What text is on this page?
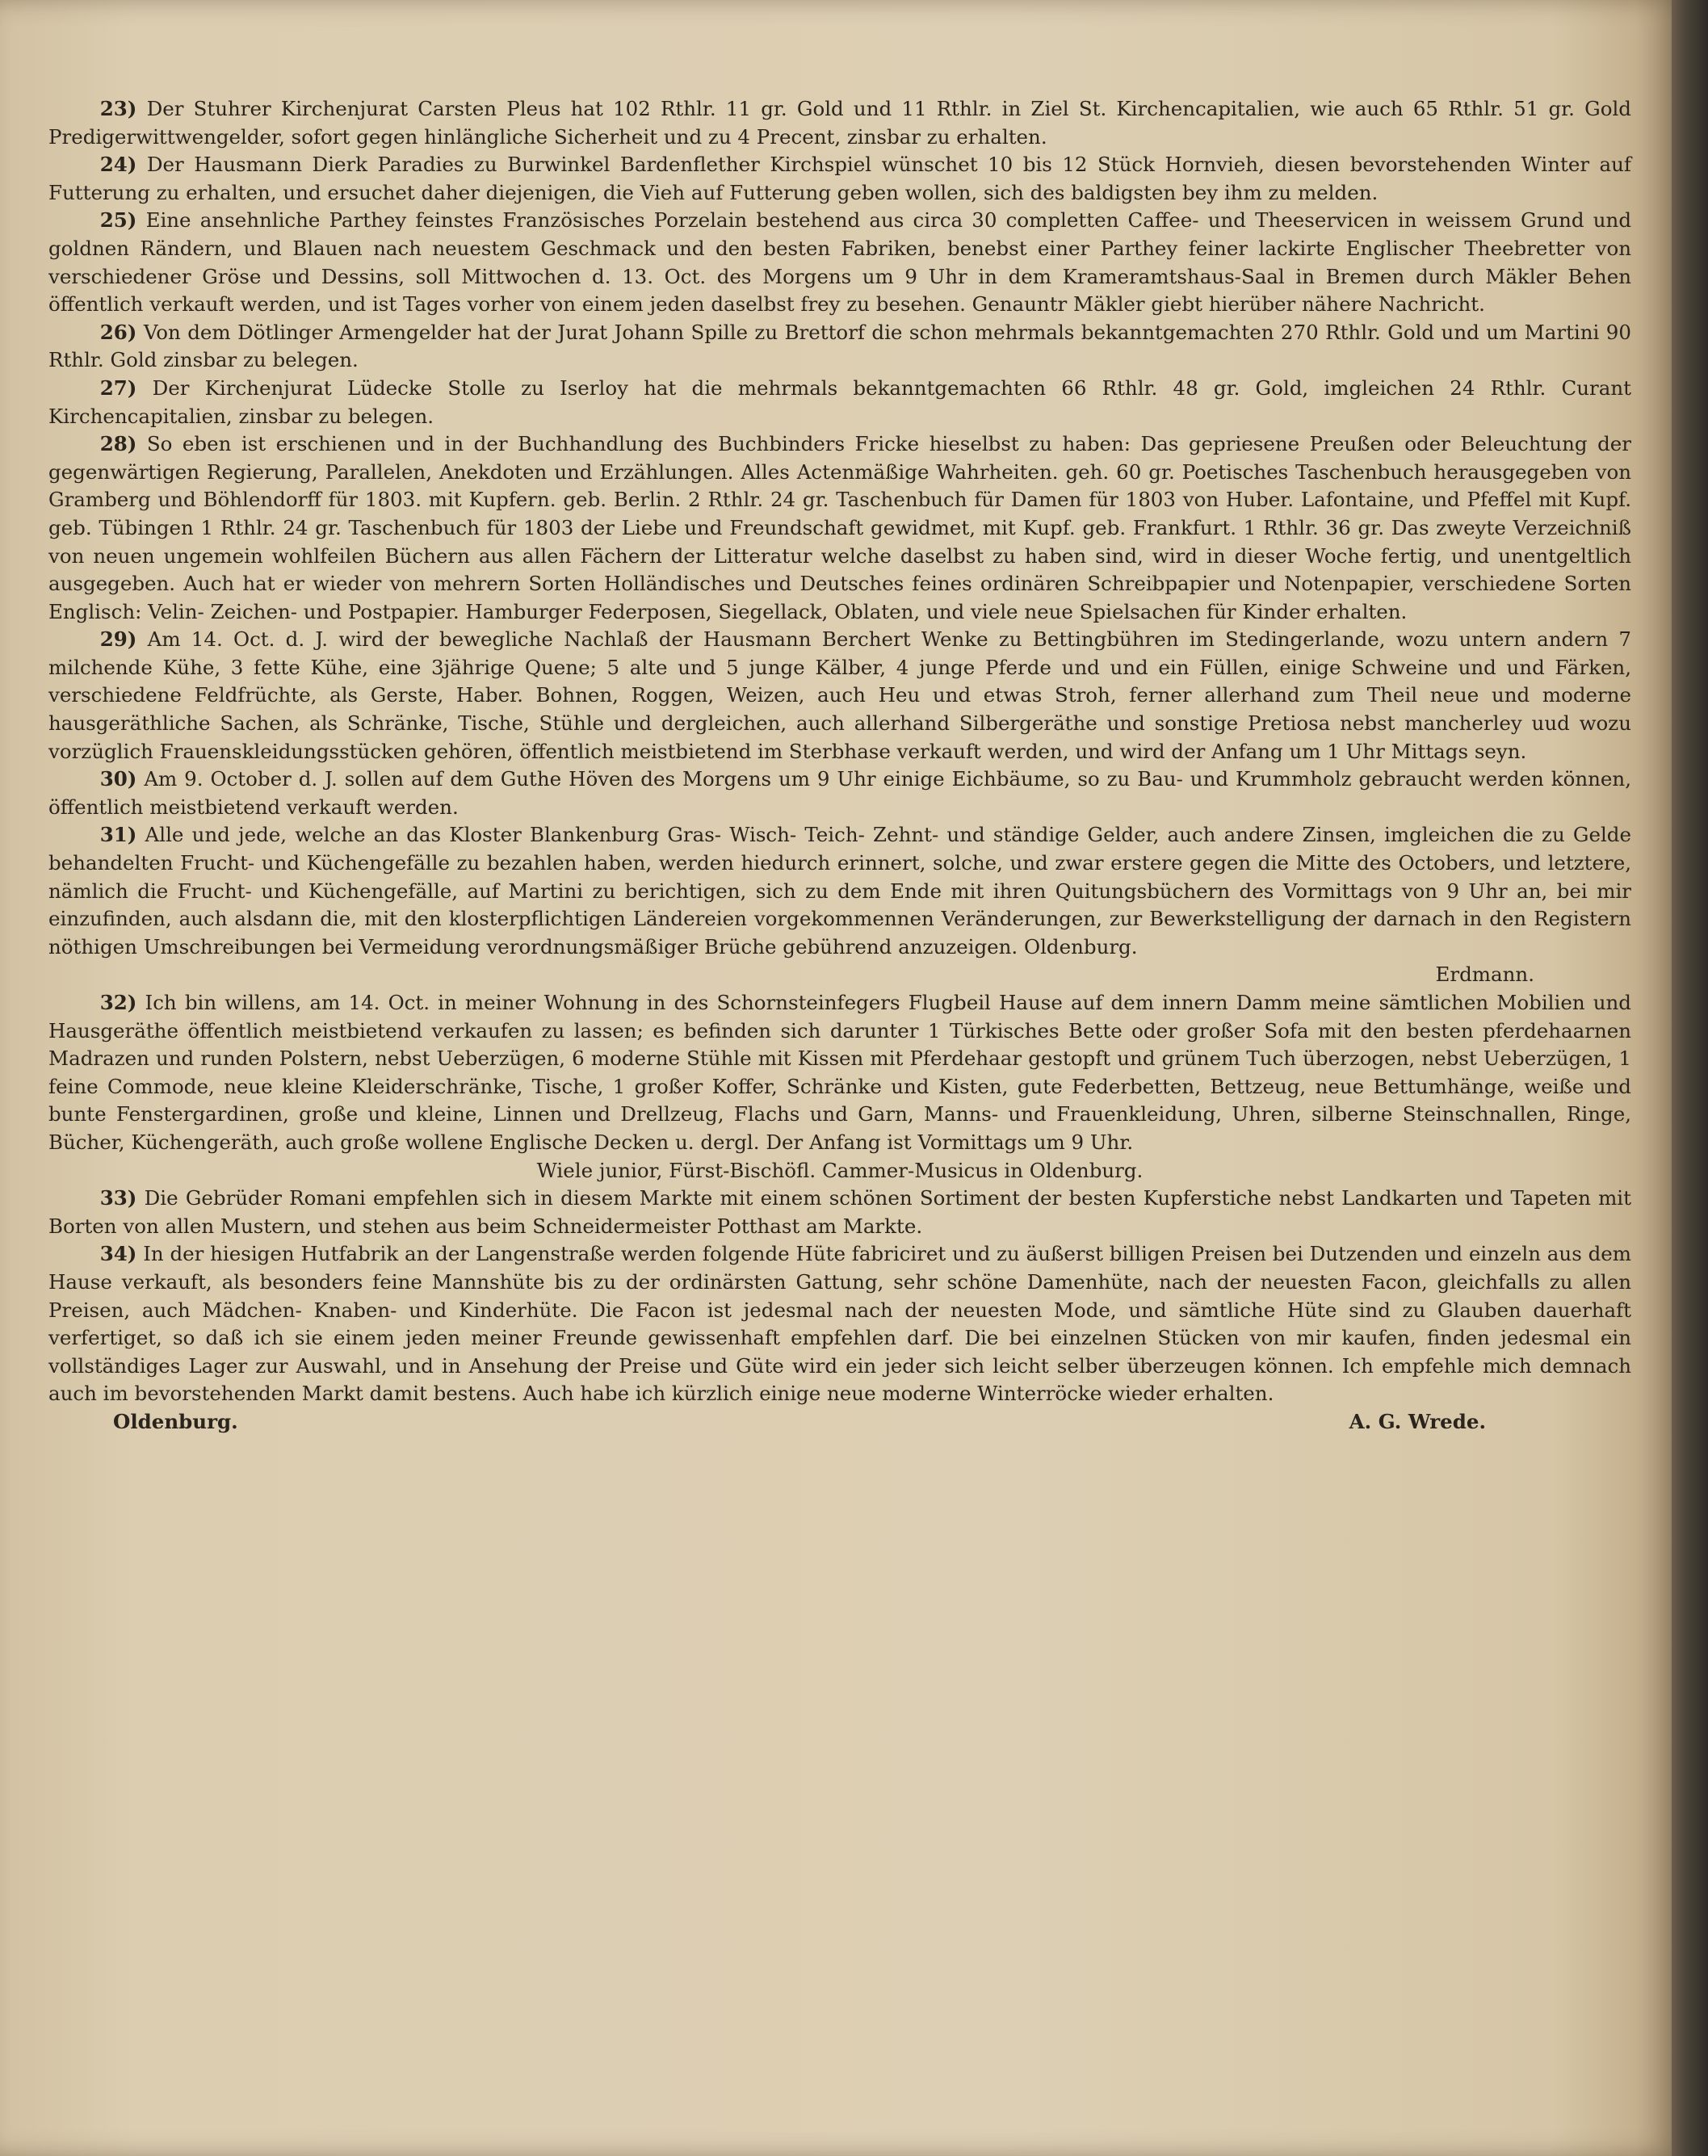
23) Der Stuhrer Kirchenjurat Carsten Pleus hat 102 Rthlr. 11 gr. Gold und 11 Rthlr. in Ziel St. Kirchencapitalien, wie auch 65 Rthlr. 51 gr. Gold Predigerwittwengelder, sofort gegen hinlängliche Sicherheit und zu 4 Precent, zinsbar zu erhalten.

24) Der Hausmann Dierk Paradies zu Burwinkel Bardenflether Kirchspiel wünschet 10 bis 12 Stück Hornvieh, diesen bevorstehenden Winter auf Futterung zu erhalten, und ersuchet daher diejenigen, die Vieh auf Futterung geben wollen, sich des baldigsten bey ihm zu melden.

25) Eine ansehnliche Parthey feinstes Französisches Porzelain bestehend aus circa 30 completten Caffee- und Theeservicen in weissem Grund und goldnen Rändern, und Blauen nach neuestem Geschmack und den besten Fabriken, benebst einer Parthey feiner lackirte Englischer Theebretter von verschiedener Gröse und Dessins, soll Mittwochen d. 13. Oct. des Morgens um 9 Uhr in dem Krameramtshaus-Saal in Bremen durch Mäkler Behen öffentlich verkauft werden, und ist Tages vorher von einem jeden daselbst frey zu besehen. Genauntr Mäkler giebt hierüber nähere Nachricht.

26) Von dem Dötlinger Armengelder hat der Jurat Johann Spille zu Brettorf die schon mehrmals bekanntgemachten 270 Rthlr. Gold und um Martini 90 Rthlr. Gold zinsbar zu belegen.

27) Der Kirchenjurat Lüdecke Stolle zu Iserloy hat die mehrmals bekanntgemachten 66 Rthlr. 48 gr. Gold, imgleichen 24 Rthlr. Curant Kirchencapitalien, zinsbar zu belegen.

28) So eben ist erschienen und in der Buchhandlung des Buchbinders Fricke hieselbst zu haben: Das gepriesene Preußen oder Beleuchtung der gegenwärtigen Regierung, Parallelen, Anekdoten und Erzählungen. Alles Actenmäßige Wahrheiten. geh. 60 gr. Poetisches Taschenbuch herausgegeben von Gramberg und Böhlendorff für 1803. mit Kupfern. geb. Berlin. 2 Rthlr. 24 gr. Taschenbuch für Damen für 1803 von Huber. Lafontaine, und Pfeffel mit Kupf. geb. Tübingen 1 Rthlr. 24 gr. Taschenbuch für 1803 der Liebe und Freundschaft gewidmet, mit Kupf. geb. Frankfurt. 1 Rthlr. 36 gr. Das zweyte Verzeichniß von neuen ungemein wohlfeilen Büchern aus allen Fächern der Litteratur welche daselbst zu haben sind, wird in dieser Woche fertig, und unentgeltlich ausgegeben. Auch hat er wieder von mehrern Sorten Holländisches und Deutsches feines ordinären Schreibpapier und Notenpapier, verschiedene Sorten Englisch: Velin- Zeichen- und Postpapier. Hamburger Federposen, Siegellack, Oblaten, und viele neue Spielsachen für Kinder erhalten.

29) Am 14. Oct. d. J. wird der bewegliche Nachlaß der Hausmann Berchert Wenke zu Bettingbühren im Stedingerlande, wozu untern andern 7 milchende Kühe, 3 fette Kühe, eine 3jährige Quene; 5 alte und 5 junge Kälber, 4 junge Pferde und und ein Füllen, einige Schweine und und Färken, verschiedene Feldfrüchte, als Gerste, Haber. Bohnen, Roggen, Weizen, auch Heu und etwas Stroh, ferner allerhand zum Theil neue und moderne hausgeräthliche Sachen, als Schränke, Tische, Stühle und dergleichen, auch allerhand Silbergeräthe und sonstige Pretiosa nebst mancherley uud wozu vorzüglich Frauenskleidungsstücken gehören, öffentlich meistbietend im Sterbhase verkauft werden, und wird der Anfang um 1 Uhr Mittags seyn.

30) Am 9. October d. J. sollen auf dem Guthe Höven des Morgens um 9 Uhr einige Eichbäume, so zu Bau- und Krummholz gebraucht werden können, öffentlich meistbietend verkauft werden.

31) Alle und jede, welche an das Kloster Blankenburg Gras- Wisch- Teich- Zehnt- und ständige Gelder, auch andere Zinsen, imgleichen die zu Gelde behandelten Frucht- und Küchengefälle zu bezahlen haben, werden hiedurch erinnert, solche, und zwar erstere gegen die Mitte des Octobers, und letztere, nämlich die Frucht- und Küchengefälle, auf Martini zu berichtigen, sich zu dem Ende mit ihren Quitungsbüchern des Vormittags von 9 Uhr an, bei mir einzufinden, auch alsdann die, mit den klosterpflichtigen Ländereien vorgekommennen Veränderungen, zur Bewerkstelligung der darnach in den Registern nöthigen Umschreibungen bei Vermeidung verordnungsmäßiger Brüche gebührend anzuzeigen. Oldenburg.

Erdmann.

32) Ich bin willens, am 14. Oct. in meiner Wohnung in des Schornsteinfegers Flugbeil Hause auf dem innern Damm meine sämtlichen Mobilien und Hausgeräthe öffentlich meistbietend verkaufen zu lassen; es befinden sich darunter 1 Türkisches Bette oder großer Sofa mit den besten pferdehaarnen Madrazen und runden Polstern, nebst Ueberzügen, 6 moderne Stühle mit Kissen mit Pferdehaar gestopft und grünem Tuch überzogen, nebst Ueberzügen, 1 feine Commode, neue kleine Kleiderschränke, Tische, 1 großer Koffer, Schränke und Kisten, gute Federbetten, Bettzeug, neue Bettumhänge, weiße und bunte Fenstergardinen, große und kleine, Linnen und Drellzeug, Flachs und Garn, Manns- und Frauenkleidung, Uhren, silberne Steinschnallen, Ringe, Bücher, Küchengeräth, auch große wollene Englische Decken u. dergl. Der Anfang ist Vormittags um 9 Uhr.

Wiele junior, Fürst-Bischöfl. Cammer-Musicus in Oldenburg.

33) Die Gebrüder Romani empfehlen sich in diesem Markte mit einem schönen Sortiment der besten Kupferstiche nebst Landkarten und Tapeten mit Borten von allen Mustern, und stehen aus beim Schneidermeister Potthast am Markte.

34) In der hiesigen Hutfabrik an der Langenstraße werden folgende Hüte fabriciret und zu äußerst billigen Preisen bei Dutzenden und einzeln aus dem Hause verkauft, als besonders feine Mannshüte bis zu der ordinärsten Gattung, sehr schöne Damenhüte, nach der neuesten Facon, gleichfalls zu allen Preisen, auch Mädchen- Knaben- und Kinderhüte. Die Facon ist jedesmal nach der neuesten Mode, und sämtliche Hüte sind zu Glauben dauerhaft verfertiget, so daß ich sie einem jeden meiner Freunde gewissenhaft empfehlen darf. Die bei einzelnen Stücken von mir kaufen, finden jedesmal ein vollständiges Lager zur Auswahl, und in Ansehung der Preise und Güte wird ein jeder sich leicht selber überzeugen können. Ich empfehle mich demnach auch im bevorstehenden Markt damit bestens. Auch habe ich kürzlich einige neue moderne Winterröcke wieder erhalten.

Oldenburg.	A. G. Wrede.
